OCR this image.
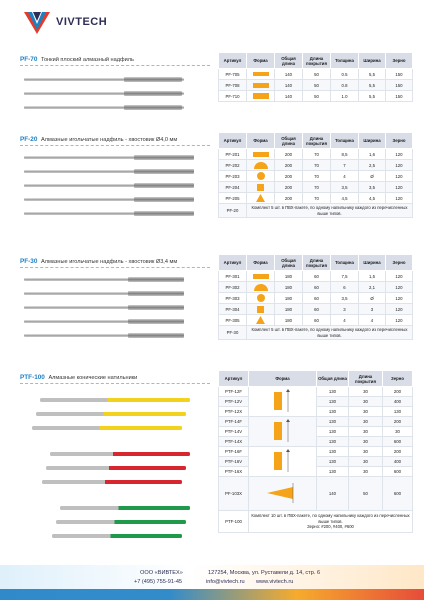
VIVTECH
PF-70 Тонкий плоский алмазный надфиль	Артикул	Форма	Общая длина	Длина покрытия	Толщина	Ширина	Зерно
PF-705		140	50	0.5	5,5	150
PF-708		140	50	0.8	5,5	150
PF-710		140	50	1.0	5,5	150
PF-20 Алмазные игольчатые надфиль - хвостовик Ø4,0 мм	Артикул	Форма	Общая длина	Длина покрытия	Толщина	Ширина	Зерно
PF-201		200	70	8,5	1,6	120
PF-202		200	70	7	2,5	120
PF-203		200	70	4	Ø	120
PF-204		200	70	3,5	3,5	120
PF-205		200	70	4,5	4,5	120
PF-20	Комплект 5 шт. в ПВХ-пакете, по одному напильнику каждого из перечисленных выше типов.					
PF-30 Алмазные игольчатые надфиль - хвостовик Ø3,4 мм	Артикул	Форма	Общая длина	Длина покрытия	Толщина	Ширина	Зерно
PF-301		180	60	7,5	1,5	120
PF-302		180	60	6	2,1	120
PF-303		180	60	3,5	Ø	120
PF-304		180	60	3	3	120
PF-305		180	60	4	4	120
PF-30	Комплект 5 шт. в ПВХ-пакете, по одному напильнику каждого из перечисленных выше типов.					
PTF-100 Алмазные конические натильники	Артикул	Форма	Общая длина	Длина покрытия	Зерно
PTF-12F		130	30	200
PTF-12V		130	30	400
PTF-12X		130	30	130
PTF-14F		130	30	200
PTF-14V		130	30	30
PTF-14X		130	30	600
PTF-16F		130	30	200
PTF-16V		130	30	400
PTF-16X		130	30	600
PF-103X		140	50	600
PTF-100	Комплект 10 шт. в ПВХ-пакете, по одному напильнику каждого из перечисленных выше типов.
Зерно: #200, #400, #600			
ООО «ВИВТЕХ»	127254, Москва, ул. Руставели д. 14, стр. 6
+7 (495) 755-91-45	info@vivtech.ru www.vivtech.ru
